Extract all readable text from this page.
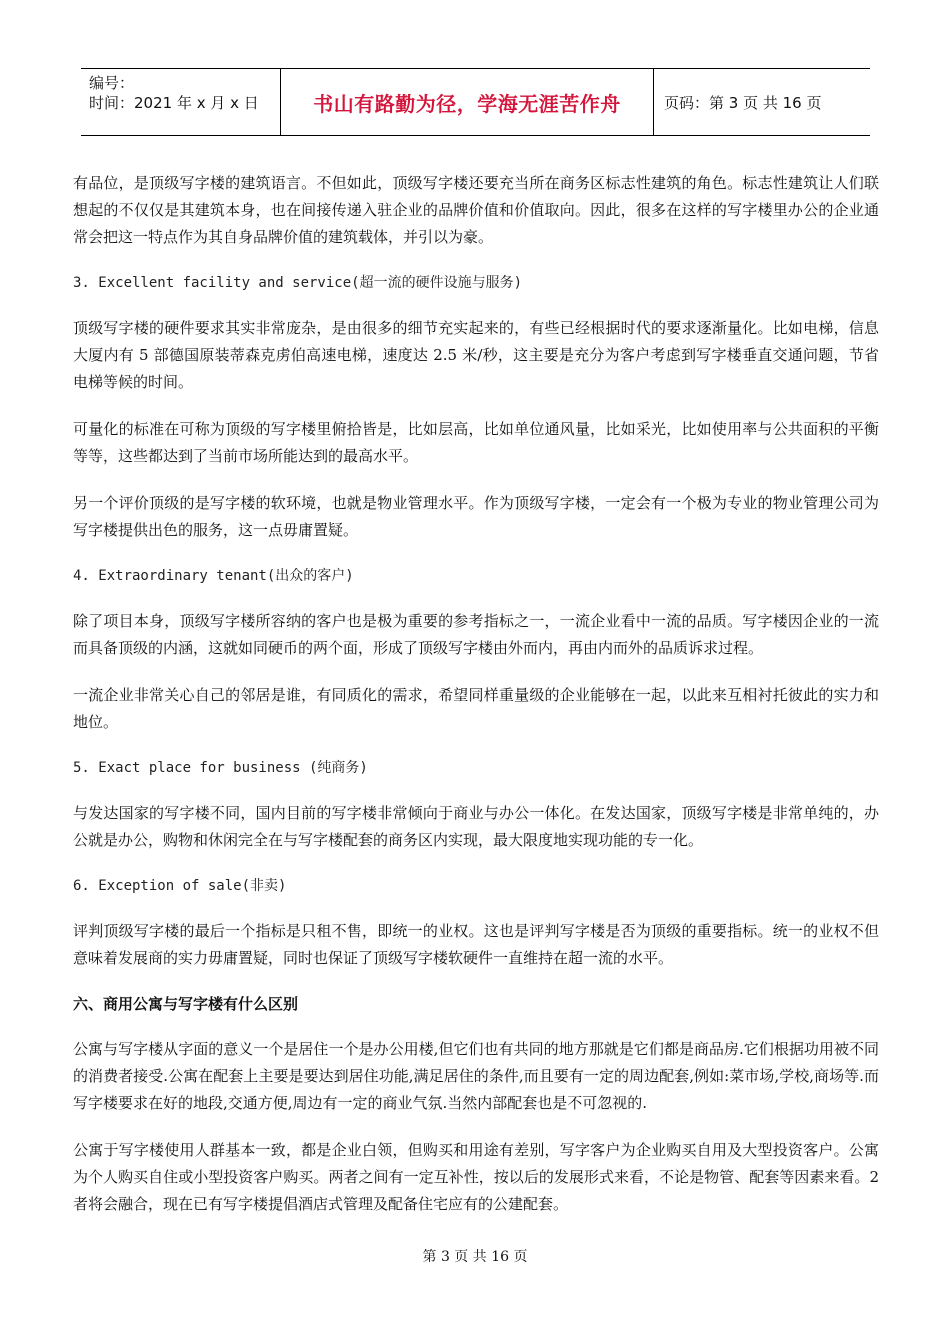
编号：
时间：2021 年 x 月 x 日	书山有路勤为径，学海无涯苦作舟	页码：第 3 页 共 16 页

有品位，是顶级写字楼的建筑语言。不但如此，顶级写字楼还要充当所在商务区标志性建筑的角色。标志性建筑让人们联想起的不仅仅是其建筑本身，也在间接传递入驻企业的品牌价值和价值取向。因此，很多在这样的写字楼里办公的企业通常会把这一特点作为其自身品牌价值的建筑载体，并引以为豪。

3. Excellent facility and service(超一流的硬件设施与服务)

顶级写字楼的硬件要求其实非常庞杂，是由很多的细节充实起来的，有些已经根据时代的要求逐渐量化。比如电梯，信息大厦内有 5 部德国原装蒂森克虏伯高速电梯，速度达 2.5 米/秒，这主要是充分为客户考虑到写字楼垂直交通问题，节省电梯等候的时间。

可量化的标准在可称为顶级的写字楼里俯拾皆是，比如层高，比如单位通风量，比如采光，比如使用率与公共面积的平衡等等，这些都达到了当前市场所能达到的最高水平。

另一个评价顶级的是写字楼的软环境，也就是物业管理水平。作为顶级写字楼，一定会有一个极为专业的物业管理公司为写字楼提供出色的服务，这一点毋庸置疑。

4. Extraordinary tenant(出众的客户)

除了项目本身，顶级写字楼所容纳的客户也是极为重要的参考指标之一，一流企业看中一流的品质。写字楼因企业的一流而具备顶级的内涵，这就如同硬币的两个面，形成了顶级写字楼由外而内，再由内而外的品质诉求过程。

一流企业非常关心自己的邻居是谁，有同质化的需求，希望同样重量级的企业能够在一起，以此来互相衬托彼此的实力和地位。

5. Exact place for business (纯商务)

与发达国家的写字楼不同，国内目前的写字楼非常倾向于商业与办公一体化。在发达国家，顶级写字楼是非常单纯的，办公就是办公，购物和休闲完全在与写字楼配套的商务区内实现，最大限度地实现功能的专一化。

6. Exception of sale(非卖)

评判顶级写字楼的最后一个指标是只租不售，即统一的业权。这也是评判写字楼是否为顶级的重要指标。统一的业权不但意味着发展商的实力毋庸置疑，同时也保证了顶级写字楼软硬件一直维持在超一流的水平。

六、商用公寓与写字楼有什么区别

公寓与写字楼从字面的意义一个是居住一个是办公用楼,但它们也有共同的地方那就是它们都是商品房.它们根据功用被不同的消费者接受.公寓在配套上主要是要达到居住功能,满足居住的条件,而且要有一定的周边配套,例如:菜市场,学校,商场等.而写字楼要求在好的地段,交通方便,周边有一定的商业气氛.当然内部配套也是不可忽视的.

公寓于写字楼使用人群基本一致，都是企业白领，但购买和用途有差别，写字客户为企业购买自用及大型投资客户。公寓为个人购买自住或小型投资客户购买。两者之间有一定互补性，按以后的发展形式来看，不论是物管、配套等因素来看。2 者将会融合，现在已有写字楼提倡酒店式管理及配备住宅应有的公建配套。

第 3 页 共 16 页
